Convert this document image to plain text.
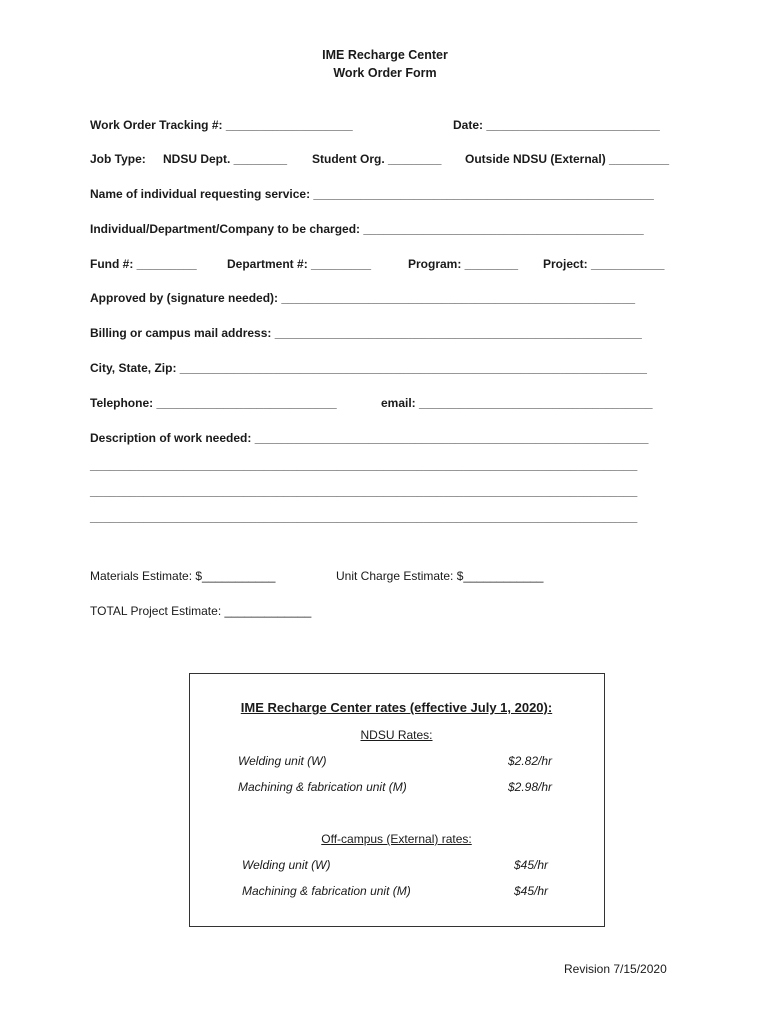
IME Recharge Center
Work Order Form
Work Order Tracking #: ___________________	Date: __________________________
Job Type: NDSU Dept. ________ Student Org. ________ Outside NDSU (External) _________
Name of individual requesting service: ___________________________________________________
Individual/Department/Company to be charged: __________________________________________
Fund #: _________	Department #: _________	Program: ________ Project: ___________
Approved by (signature needed): _____________________________________________________
Billing or campus mail address: _______________________________________________________
City, State, Zip: ______________________________________________________________________
Telephone: ___________________________	email: ___________________________________
Description of work needed: ___________________________________________________________
__________________________________________________________________________________
__________________________________________________________________________________
__________________________________________________________________________________
Materials Estimate: $___________	Unit Charge Estimate: $____________
TOTAL Project Estimate: _____________
IME Recharge Center rates (effective July 1, 2020):
NDSU Rates:
Welding unit (W)	$2.82/hr
Machining & fabrication unit (M)	$2.98/hr
Off-campus (External) rates:
Welding unit (W)	$45/hr
Machining & fabrication unit (M)	$45/hr
Revision 7/15/2020
